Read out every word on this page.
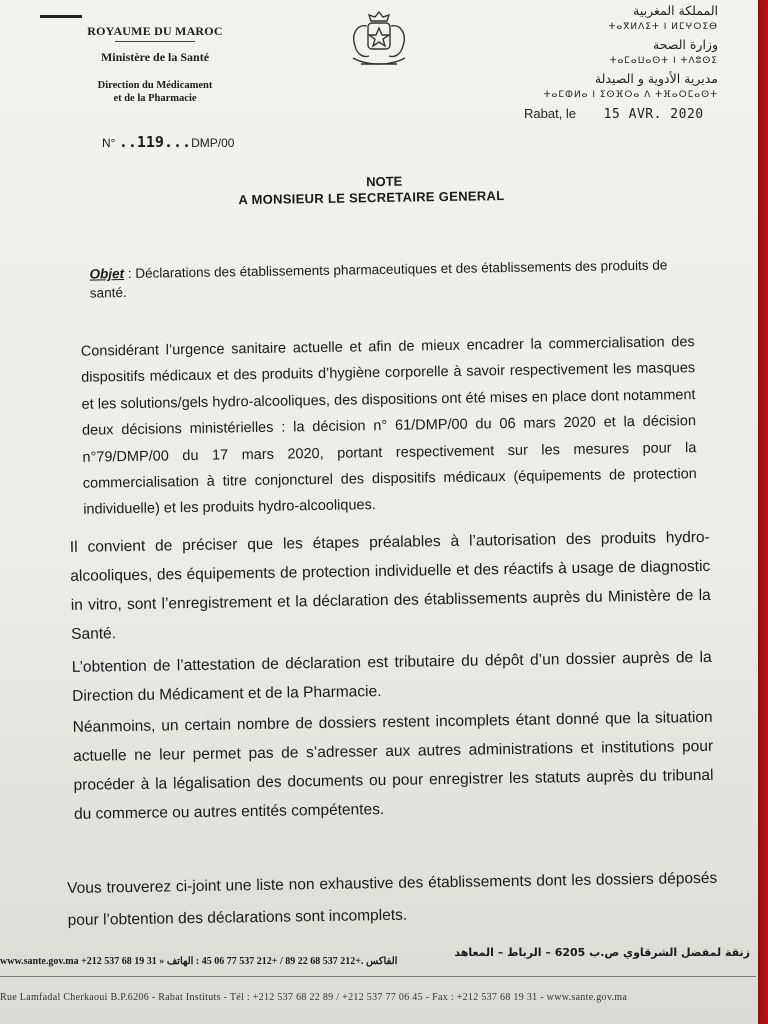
ROYAUME DU MAROC
Ministère de la Santé
Direction du Médicament
et de la Pharmacie
N° ..119...DMP/00
المملكة المغربية
ⵜⴰⴳⵍⴷⵉⵜ ⵏ ⵍⵎⵖⵔⵉⴱ
وزارة الصحة
ⵜⴰⵎⴰⵡⴰⵙⵜ ⵏ ⵜⴷⵓⵙⵉ
مديرية الأدوية و الصيدلة
ⵜⴰⵎⵀⵍⴰ ⵏ ⵉⵙⴼⵔⴰ ⴷ ⵜⴼⴰⵔⵎⴰⵙⵜ
Rabat, le 15 AVR. 2020
NOTE
A MONSIEUR LE SECRETAIRE GENERAL
Objet : Déclarations des établissements pharmaceutiques et des établissements des produits de santé.
Considérant l’urgence sanitaire actuelle et afin de mieux encadrer la commercialisation des dispositifs médicaux et des produits d’hygiène corporelle à savoir respectivement les masques et les solutions/gels hydro-alcooliques, des dispositions ont été mises en place dont notamment deux décisions ministérielles : la décision n° 61/DMP/00 du 06 mars 2020 et la décision n°79/DMP/00 du 17 mars 2020, portant respectivement sur les mesures pour la commercialisation à titre conjoncturel des dispositifs médicaux (équipements de protection individuelle) et les produits hydro-alcooliques.
Il convient de préciser que les étapes préalables à l’autorisation des produits hydro-alcooliques, des équipements de protection individuelle et des réactifs à usage de diagnostic in vitro, sont l’enregistrement et la déclaration des établissements auprès du Ministère de la Santé.
L’obtention de l’attestation de déclaration est tributaire du dépôt d’un dossier auprès de la Direction du Médicament et de la Pharmacie.
Néanmoins, un certain nombre de dossiers restent incomplets étant donné que la situation actuelle ne leur permet pas de s’adresser aux autres administrations et institutions pour procéder à la légalisation des documents ou pour enregistrer les statuts auprès du tribunal du commerce ou autres entités compétentes.
Vous trouverez ci-joint une liste non exhaustive des établissements dont les dossiers déposés pour l’obtention des déclarations sont incomplets.
www.sante.gov.ma +212 537 68 19 31 » الفاكس .+212 537 68 22 89 / +212 537 77 06 45 : الهاتف
زنقة لمفضل الشرقاوي ص.ب 6205 – الرباط – المعاهد
Rue Lamfadal Cherkaoui B.P.6206 - Rabat Instituts - Tél : +212 537 68 22 89 / +212 537 77 06 45 - Fax : +212 537 68 19 31 - www.sante.gov.ma
